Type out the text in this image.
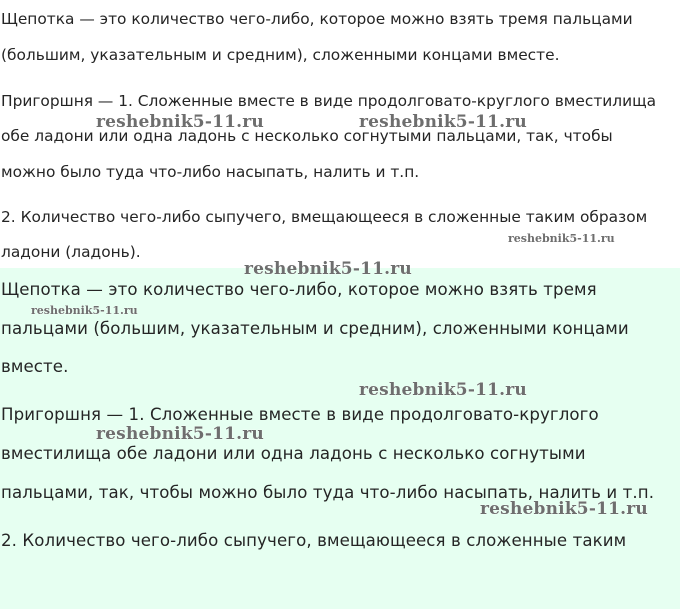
Щепотка — это количество чего-либо, которое можно взять тремя пальцами
(большим, указательным и средним), сложенными концами вместе.
Пригоршня — 1. Сложенные вместе в виде продолговато-круглого вместилища
обе ладони или одна ладонь с несколько согнутыми пальцами, так, чтобы
можно было туда что-либо насыпать, налить и т.п.
2. Количество чего-либо сыпучего, вмещающееся в сложенные таким образом
ладони (ладонь).
Щепотка — это количество чего-либо, которое можно взять тремя
пальцами (большим, указательным и средним), сложенными концами
вместе.
Пригоршня — 1. Сложенные вместе в виде продолговато-круглого
вместилища обе ладони или одна ладонь с несколько согнутыми
пальцами, так, чтобы можно было туда что-либо насыпать, налить и т.п.
2. Количество чего-либо сыпучего, вмещающееся в сложенные таким
reshebnik5-11.ru	reshebnik5-11.ru
reshebnik5-11.ru
reshebnik5-11.ru
reshebnik5-11.ru
reshebnik5-11.ru
reshebnik5-11.ru
reshebnik5-11.ru
